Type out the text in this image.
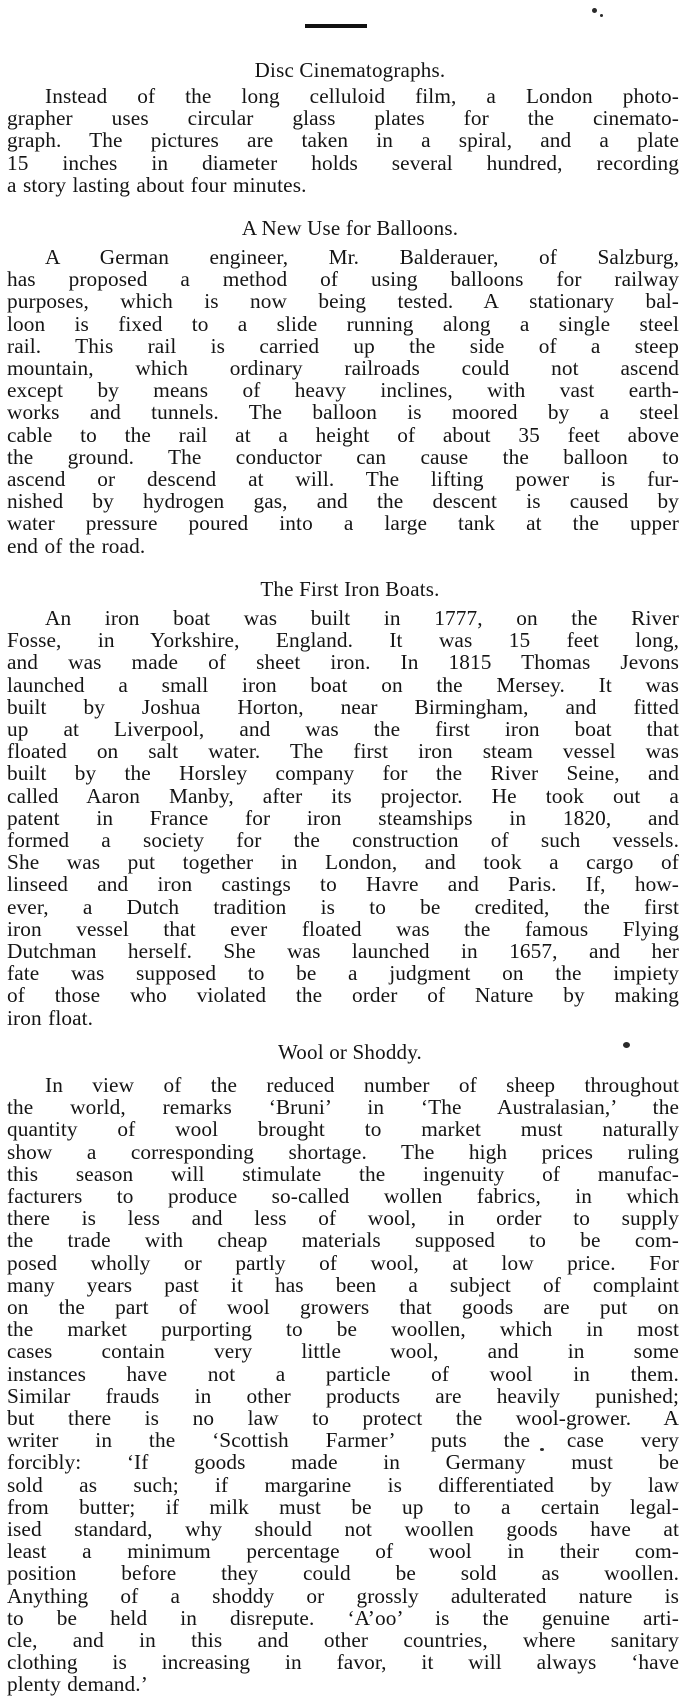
Disc Cinematographs.

Instead of the long celluloid film, a London photo-
grapher uses circular glass plates for the cinemato-
graph. The pictures are taken in a spiral, and a plate
15 inches in diameter holds several hundred, recording
a story lasting about four minutes.

A New Use for Balloons.

A German engineer, Mr. Balderauer, of Salzburg,
has proposed a method of using balloons for railway
purposes, which is now being tested. A stationary bal-
loon is fixed to a slide running along a single steel
rail. This rail is carried up the side of a steep
mountain, which ordinary railroads could not ascend
except by means of heavy inclines, with vast earth-
works and tunnels. The balloon is moored by a steel
cable to the rail at a height of about 35 feet above
the ground. The conductor can cause the balloon to
ascend or descend at will. The lifting power is fur-
nished by hydrogen gas, and the descent is caused by
water pressure poured into a large tank at the upper
end of the road.

The First Iron Boats.

An iron boat was built in 1777, on the River
Fosse, in Yorkshire, England. It was 15 feet long,
and was made of sheet iron. In 1815 Thomas Jevons
launched a small iron boat on the Mersey. It was
built by Joshua Horton, near Birmingham, and fitted
up at Liverpool, and was the first iron boat that
floated on salt water. The first iron steam vessel was
built by the Horsley company for the River Seine, and
called Aaron Manby, after its projector. He took out a
patent in France for iron steamships in 1820, and
formed a society for the construction of such vessels.
She was put together in London, and took a cargo of
linseed and iron castings to Havre and Paris. If, how-
ever, a Dutch tradition is to be credited, the first
iron vessel that ever floated was the famous Flying
Dutchman herself. She was launched in 1657, and her
fate was supposed to be a judgment on the impiety
of those who violated the order of Nature by making
iron float.

Wool or Shoddy.

In view of the reduced number of sheep throughout
the world, remarks ‘Bruni’ in ‘The Australasian,’ the
quantity of wool brought to market must naturally
show a corresponding shortage. The high prices ruling
this season will stimulate the ingenuity of manufac-
facturers to produce so-called wollen fabrics, in which
there is less and less of wool, in order to supply
the trade with cheap materials supposed to be com-
posed wholly or partly of wool, at low price. For
many years past it has been a subject of complaint
on the part of wool growers that goods are put on
the market purporting to be woollen, which in most
cases contain very little wool, and in some
instances have not a particle of wool in them.
Similar frauds in other products are heavily punished;
but there is no law to protect the wool-grower. A
writer in the ‘Scottish Farmer’ puts the case very
forcibly: ‘If goods made in Germany must be
sold as such; if margarine is differentiated by law
from butter; if milk must be up to a certain legal-
ised standard, why should not woollen goods have at
least a minimum percentage of wool in their com-
position before they could be sold as woollen.
Anything of a shoddy or grossly adulterated nature is
to be held in disrepute. ‘A’oo’ is the genuine arti-
cle, and in this and other countries, where sanitary
clothing is increasing in favor, it will always ‘have
plenty demand.’
